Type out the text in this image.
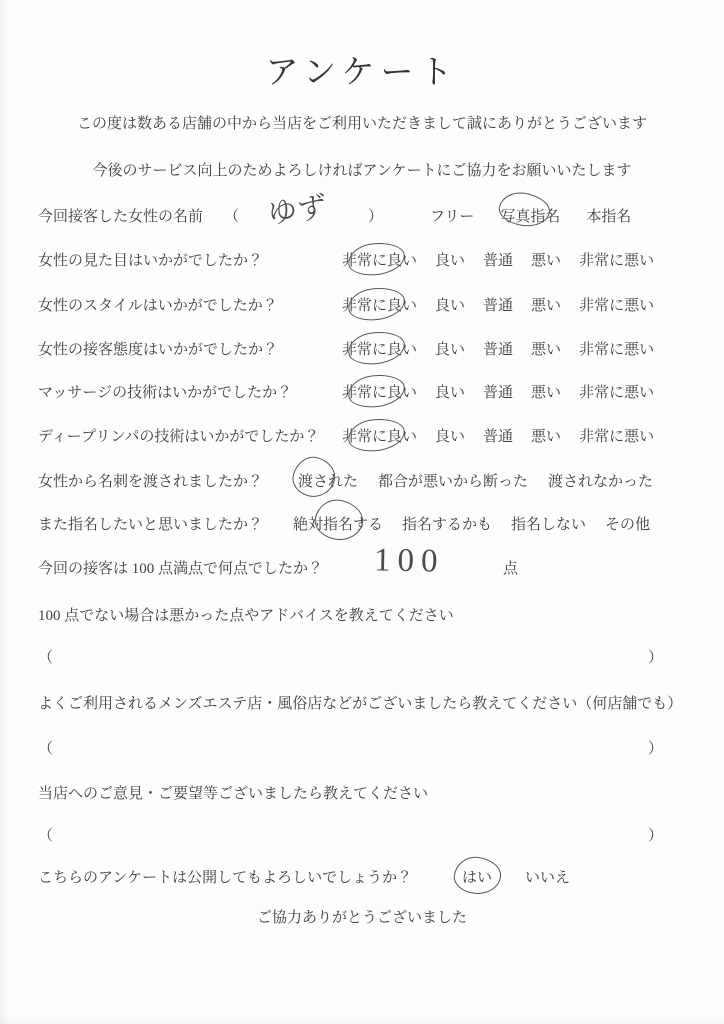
アンケート
この度は数ある店舗の中から当店をご利用いただきまして誠にありがとうございます
今後のサービス向上のためよろしければアンケートにご協力をお願いいたします
今回接客した女性の名前 （ ゆず	）	フリー 写真指名 本指名
女性の見た目はいかがでしたか？	非常に良い 良い 普通 悪い 非常に悪い
女性のスタイルはいかがでしたか？	非常に良い 良い 普通 悪い 非常に悪い
女性の接客態度はいかがでしたか？	非常に良い 良い 普通 悪い 非常に悪い
マッサージの技術はいかがでしたか？	非常に良い 良い 普通 悪い 非常に悪い
ディープリンパの技術はいかがでしたか？ 非常に良い 良い 普通 悪い 非常に悪い
女性から名刺を渡されましたか？ 渡された 都合が悪いから断った 渡されなかった
また指名したいと思いましたか？ 絶対指名する 指名するかも 指名しない その他
今回の接客は 100 点満点で何点でしたか？ 100	点
100 点でない場合は悪かった点やアドバイスを教えてください
（	）
よくご利用されるメンズエステ店・風俗店などがございましたら教えてください（何店舗でも）
（	）
当店へのご意見・ご要望等ございましたら教えてください
（	）
こちらのアンケートは公開してもよろしいでしょうか？	はい いいえ
ご協力ありがとうございました
